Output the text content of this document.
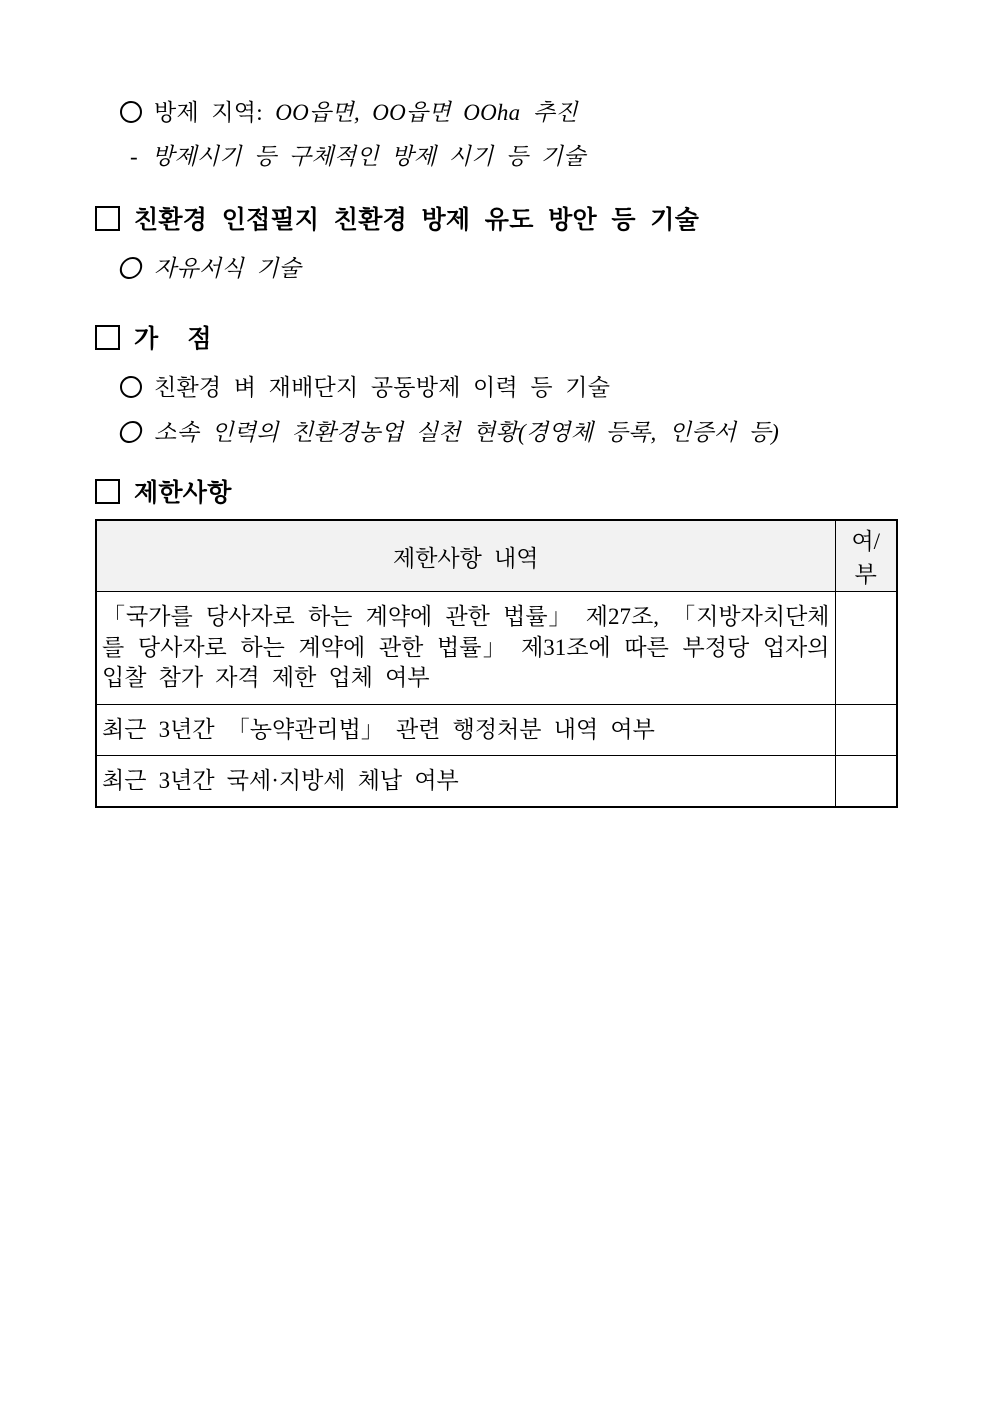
방제 지역: OO읍면, OO읍면 OOha 추진
- 방제시기 등 구체적인 방제 시기 등 기술
친환경 인접필지 친환경 방제 유도 방안 등 기술
자유서식 기술
가  점
친환경 벼 재배단지 공동방제 이력 등 기술
소속 인력의 친환경농업 실천 현황(경영체 등록, 인증서 등)
제한사항
제한사항 내역	여/부
「국가를 당사자로 하는 계약에 관한 법률」 제27조, 「지방자치단체를 당사자로 하는 계약에 관한 법률」 제31조에 따른 부정당 업자의 입찰 참가 자격 제한 업체 여부	
최근 3년간 「농약관리법」 관련 행정처분 내역 여부	
최근 3년간 국세·지방세 체납 여부	
